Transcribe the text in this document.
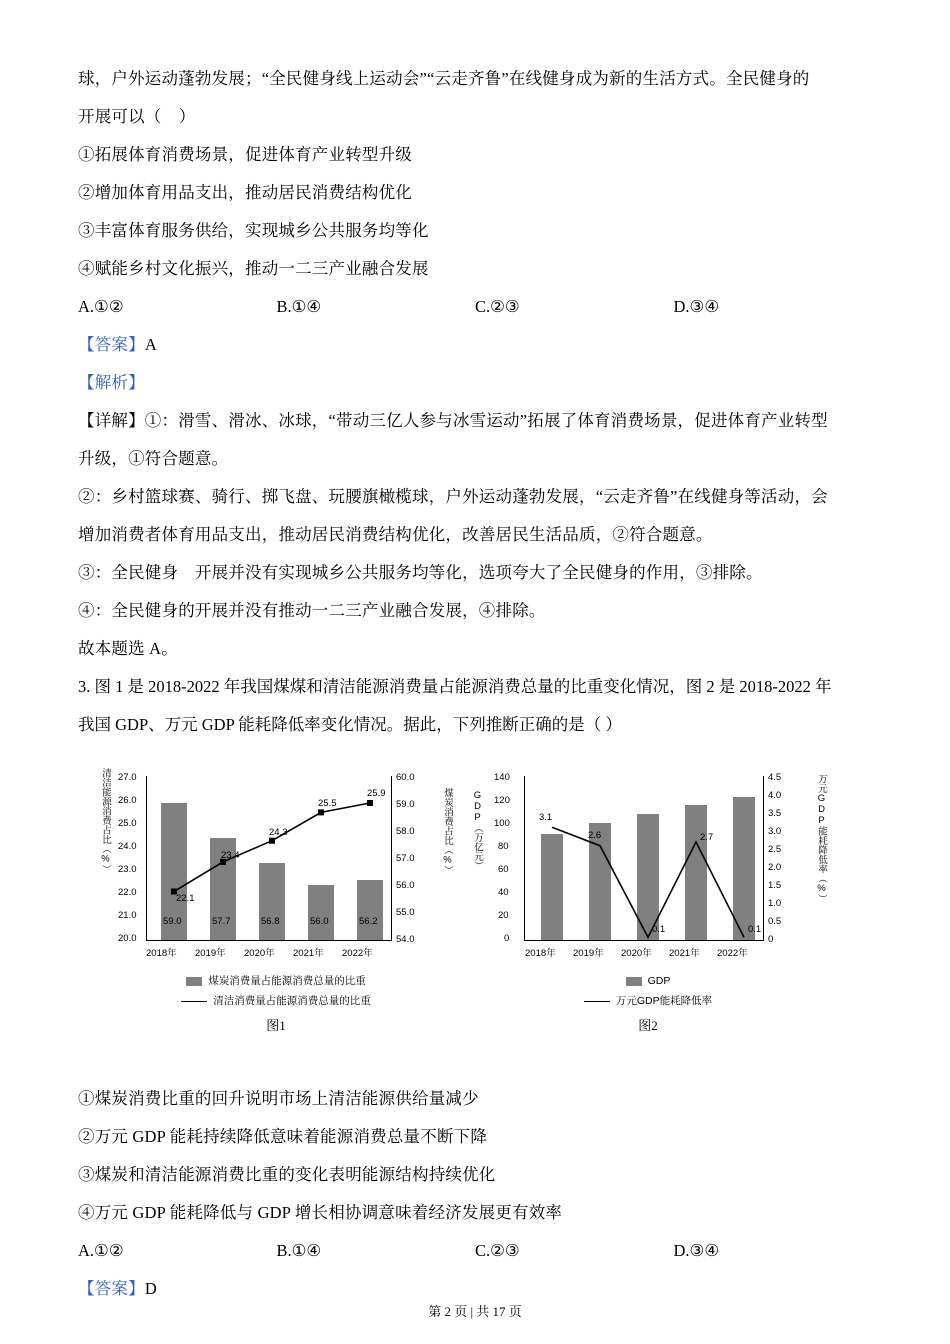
球，户外运动蓬勃发展；“全民健身线上运动会”“云走齐鲁”在线健身成为新的生活方式。全民健身的
开展可以（    ）
①拓展体育消费场景，促进体育产业转型升级
②增加体育用品支出，推动居民消费结构优化
③丰富体育服务供给，实现城乡公共服务均等化
④赋能乡村文化振兴，推动一二三产业融合发展
A.①②	B.①④	C.②③	D.③④
【答案】A
【解析】
【详解】①：滑雪、滑冰、冰球，“带动三亿人参与冰雪运动”拓展了体育消费场景，促进体育产业转型
升级，①符合题意。
②：乡村篮球赛、骑行、掷飞盘、玩腰旗橄榄球，户外运动蓬勃发展，“云走齐鲁”在线健身等活动，会
增加消费者体育用品支出，推动居民消费结构优化，改善居民生活品质，②符合题意。
③：全民健身　开展并没有实现城乡公共服务均等化，选项夸大了全民健身的作用，③排除。
④：全民健身的开展并没有推动一二三产业融合发展，④排除。
故本题选 A。
3. 图 1 是 2018-2022 年我国煤煤和清洁能源消费量占能源消费总量的比重变化情况，图 2 是 2018-2022 年
我国 GDP、万元 GDP 能耗降低率变化情况。据此，下列推断正确的是（ ）
清洁能源消费占比（%）	煤炭消费占比（%）
27.0
26.0
25.0
24.0
23.0
22.0
21.0
20.0
60.0
59.0
58.0
57.0
56.0
55.0
54.0
59.0	57.7	56.8	56.0	56.2
22.1
23.4
24.3
25.5
25.9
2018年 2019年 2020年 2021年 2022年
煤炭消费量占能源消费总量的比重
清洁消费量占能源消费总量的比重
图1
GDP（万亿元）	万元GDP能耗降低率（%）
140
120
100
80
60
40
20
0
4.5
4.0
3.5
3.0
2.5
2.0
1.5
1.0
0.5
0
3.1
2.6
0.1
2.7
0.1
2018年 2019年 2020年 2021年 2022年
GDP
万元GDP能耗降低率
图2
①煤炭消费比重的回升说明市场上清洁能源供给量减少
②万元 GDP 能耗持续降低意味着能源消费总量不断下降
③煤炭和清洁能源消费比重的变化表明能源结构持续优化
④万元 GDP 能耗降低与 GDP 增长相协调意味着经济发展更有效率
A.①②	B.①④	C.②③	D.③④
【答案】D
第 2 页 | 共 17 页
